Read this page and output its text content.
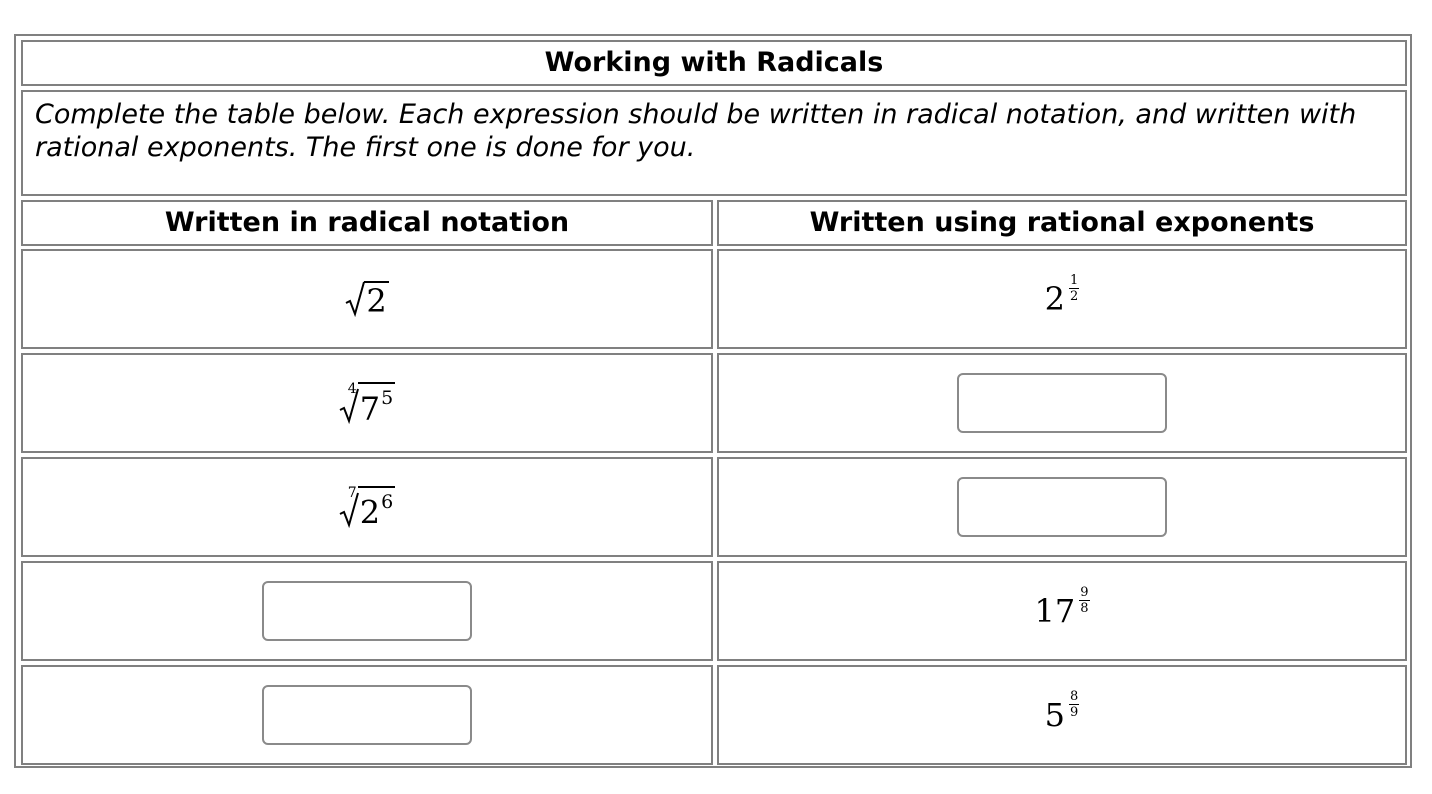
Working with Radicals
Complete the table below. Each expression should be written in radical notation, and written with rational exponents. The first one is done for you.
Written in radical notation	Written using rational exponents
2	$2 \frac{1}{2}$
4
$7^5$
7
$2^6$
$17 \frac{9}{8}$
$5 \frac{8}{9}$
